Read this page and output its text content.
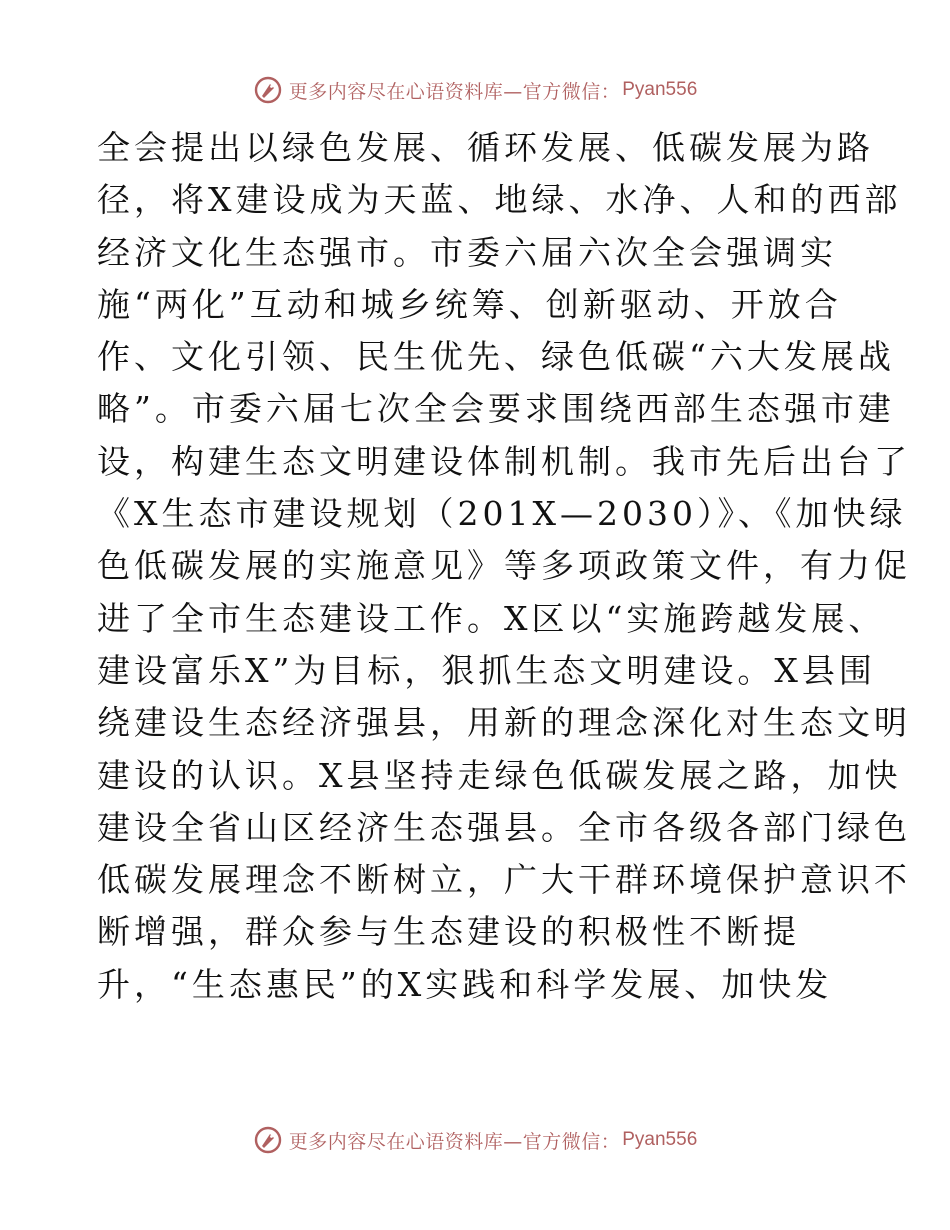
更多内容尽在心语资料库—官方微信： Pyan556
全会提出以绿色发展、循环发展、低碳发展为路
径，将X建设成为天蓝、地绿、水净、人和的西部
经济文化生态强市。市委六届六次全会强调实
施“两化”互动和城乡统筹、创新驱动、开放合
作、文化引领、民生优先、绿色低碳“六大发展战
略”。市委六届七次全会要求围绕西部生态强市建
设，构建生态文明建设体制机制。我市先后出台了
《X生态市建设规划（201X—2030）》、《加快绿
色低碳发展的实施意见》等多项政策文件，有力促
进了全市生态建设工作。X区以“实施跨越发展、
建设富乐X”为目标，狠抓生态文明建设。X县围
绕建设生态经济强县，用新的理念深化对生态文明
建设的认识。X县坚持走绿色低碳发展之路，加快
建设全省山区经济生态强县。全市各级各部门绿色
低碳发展理念不断树立，广大干群环境保护意识不
断增强，群众参与生态建设的积极性不断提
升，“生态惠民”的X实践和科学发展、加快发
更多内容尽在心语资料库—官方微信： Pyan556
